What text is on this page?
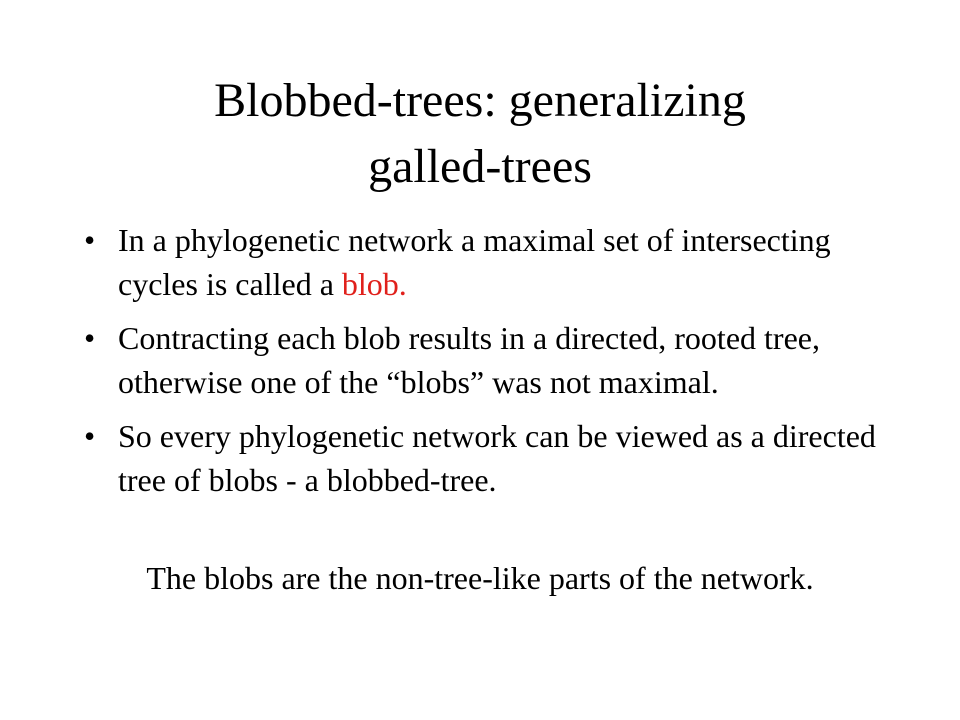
Blobbed-trees: generalizing
galled-trees
• In a phylogenetic network a maximal set of intersecting cycles is called a blob.
• Contracting each blob results in a directed, rooted tree, otherwise one of the “blobs” was not maximal.
• So every phylogenetic network can be viewed as a directed tree of blobs - a blobbed-tree.

The blobs are the non-tree-like parts of the network.
